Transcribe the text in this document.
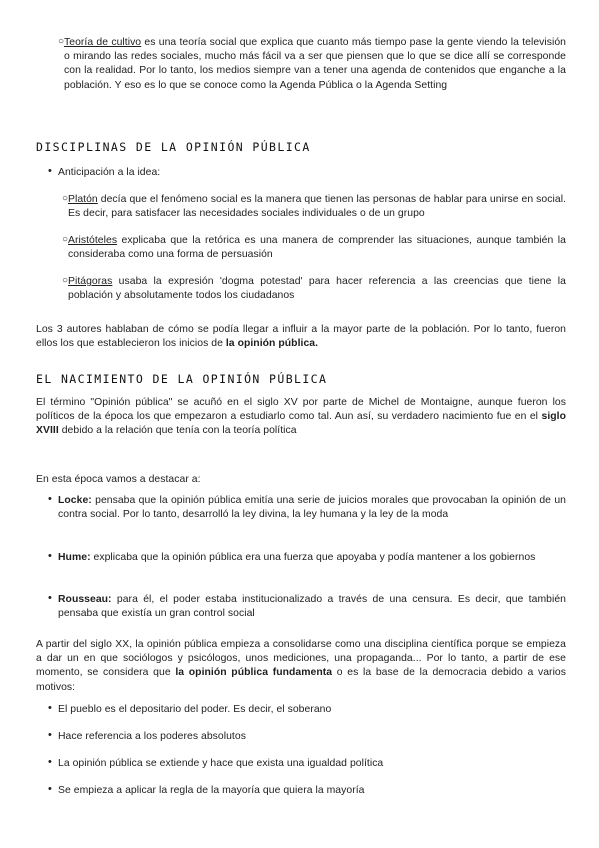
○ Teoría de cultivo es una teoría social que explica que cuanto más tiempo pase la gente viendo la televisión o mirando las redes sociales, mucho más fácil va a ser que piensen que lo que se dice allí se corresponde con la realidad. Por lo tanto, los medios siempre van a tener una agenda de contenidos que enganche a la población. Y eso es lo que se conoce como la Agenda Pública o la Agenda Setting

DISCIPLINAS DE LA OPINIÓN PÚBLICA
• Anticipación a la idea:

○ Platón decía que el fenómeno social es la manera que tienen las personas de hablar para unirse en social. Es decir, para satisfacer las necesidades sociales individuales o de un grupo

○ Aristóteles explicaba que la retórica es una manera de comprender las situaciones, aunque también la consideraba como una forma de persuasión

○ Pitágoras usaba la expresión 'dogma potestad' para hacer referencia a las creencias que tiene la población y absolutamente todos los ciudadanos

Los 3 autores hablaban de cómo se podía llegar a influir a la mayor parte de la población. Por lo tanto, fueron ellos los que establecieron los inicios de la opinión pública.

EL NACIMIENTO DE LA OPINIÓN PÚBLICA

El término "Opinión pública" se acuñó en el siglo XV por parte de Michel de Montaigne, aunque fueron los políticos de la época los que empezaron a estudiarlo como tal. Aun así, su verdadero nacimiento fue en el siglo XVIII debido a la relación que tenía con la teoría política

En esta época vamos a destacar a:

• Locke: pensaba que la opinión pública emitía una serie de juicios morales que provocaban la opinión de un contra social. Por lo tanto, desarrolló la ley divina, la ley humana y la ley de la moda

• Hume: explicaba que la opinión pública era una fuerza que apoyaba y podía mantener a los gobiernos

• Rousseau: para él, el poder estaba institucionalizado a través de una censura. Es decir, que también pensaba que existía un gran control social

A partir del siglo XX, la opinión pública empieza a consolidarse como una disciplina científica porque se empieza a dar un en que sociólogos y psicólogos, unos mediciones, una propaganda... Por lo tanto, a partir de ese momento, se considera que la opinión pública fundamenta o es la base de la democracia debido a varios motivos:

• El pueblo es el depositario del poder. Es decir, el soberano

• Hace referencia a los poderes absolutos

• La opinión pública se extiende y hace que exista una igualdad política

• Se empieza a aplicar la regla de la mayoría que quiera la mayoría
